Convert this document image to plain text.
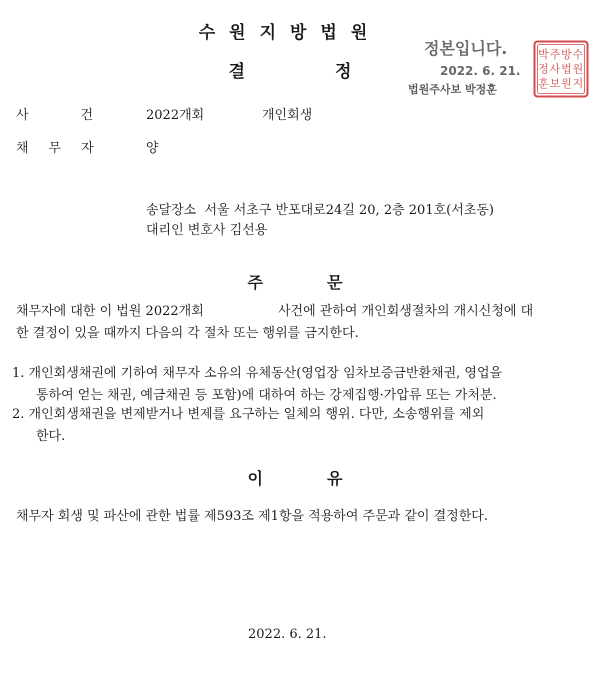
수원지방법원
결정
정본입니다.
2022. 6. 21.
법원주사보 박정훈
수
원
지
방
법
원
주
사
보
박
정
훈
사건 2022개회	개인회생
채무자 양
송달장소  서울 서초구 반포대로24길 20, 2층 201호(서초동)
대리인 변호사 김선용
주문
채무자에 대한 이 법원 2022개회	사건에 관하여 개인회생절차의 개시신청에 대
한 결정이 있을 때까지 다음의 각 절차 또는 행위를 금지한다.
1. 개인회생채권에 기하여 채무자 소유의 유체동산(영업장 임차보증금반환채권, 영업을
통하여 얻는 채권, 예금채권 등 포함)에 대하여 하는 강제집행·가압류 또는 가처분.
2. 개인회생채권을 변제받거나 변제를 요구하는 일체의 행위. 다만, 소송행위를 제외
한다.
이유
채무자 회생 및 파산에 관한 법률 제593조 제1항을 적용하여 주문과 같이 결정한다.
2022. 6. 21.
